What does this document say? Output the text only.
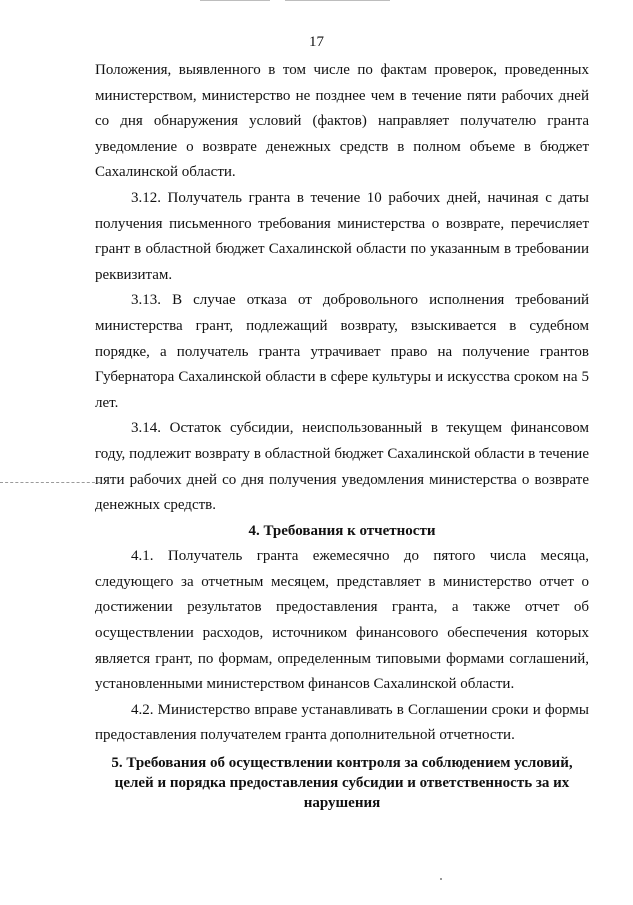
17

Положения, выявленного в том числе по фактам проверок, проведенных министерством, министерство не позднее чем в течение пяти рабочих дней со дня обнаружения условий (фактов) направляет получателю гранта уведомление о возврате денежных средств в полном объеме в бюджет Сахалинской области.

3.12. Получатель гранта в течение 10 рабочих дней, начиная с даты получения письменного требования министерства о возврате, перечисляет грант в областной бюджет Сахалинской области по указанным в требовании реквизитам.

3.13. В случае отказа от добровольного исполнения требований министерства грант, подлежащий возврату, взыскивается в судебном порядке, а получатель гранта утрачивает право на получение грантов Губернатора Сахалинской области в сфере культуры и искусства сроком на 5 лет.

3.14. Остаток субсидии, неиспользованный в текущем финансовом году, подлежит возврату в областной бюджет Сахалинской области в течение пяти рабочих дней со дня получения уведомления министерства о возврате денежных средств.

4. Требования к отчетности

4.1. Получатель гранта ежемесячно до пятого числа месяца, следующего за отчетным месяцем, представляет в министерство отчет о достижении результатов предоставления гранта, а также отчет об осуществлении расходов, источником финансового обеспечения которых является грант, по формам, определенным типовыми формами соглашений, установленными министерством финансов Сахалинской области.

4.2. Министерство вправе устанавливать в Соглашении сроки и формы предоставления получателем гранта дополнительной отчетности.

5. Требования об осуществлении контроля за соблюдением условий, целей и порядка предоставления субсидии и ответственность за их нарушения
